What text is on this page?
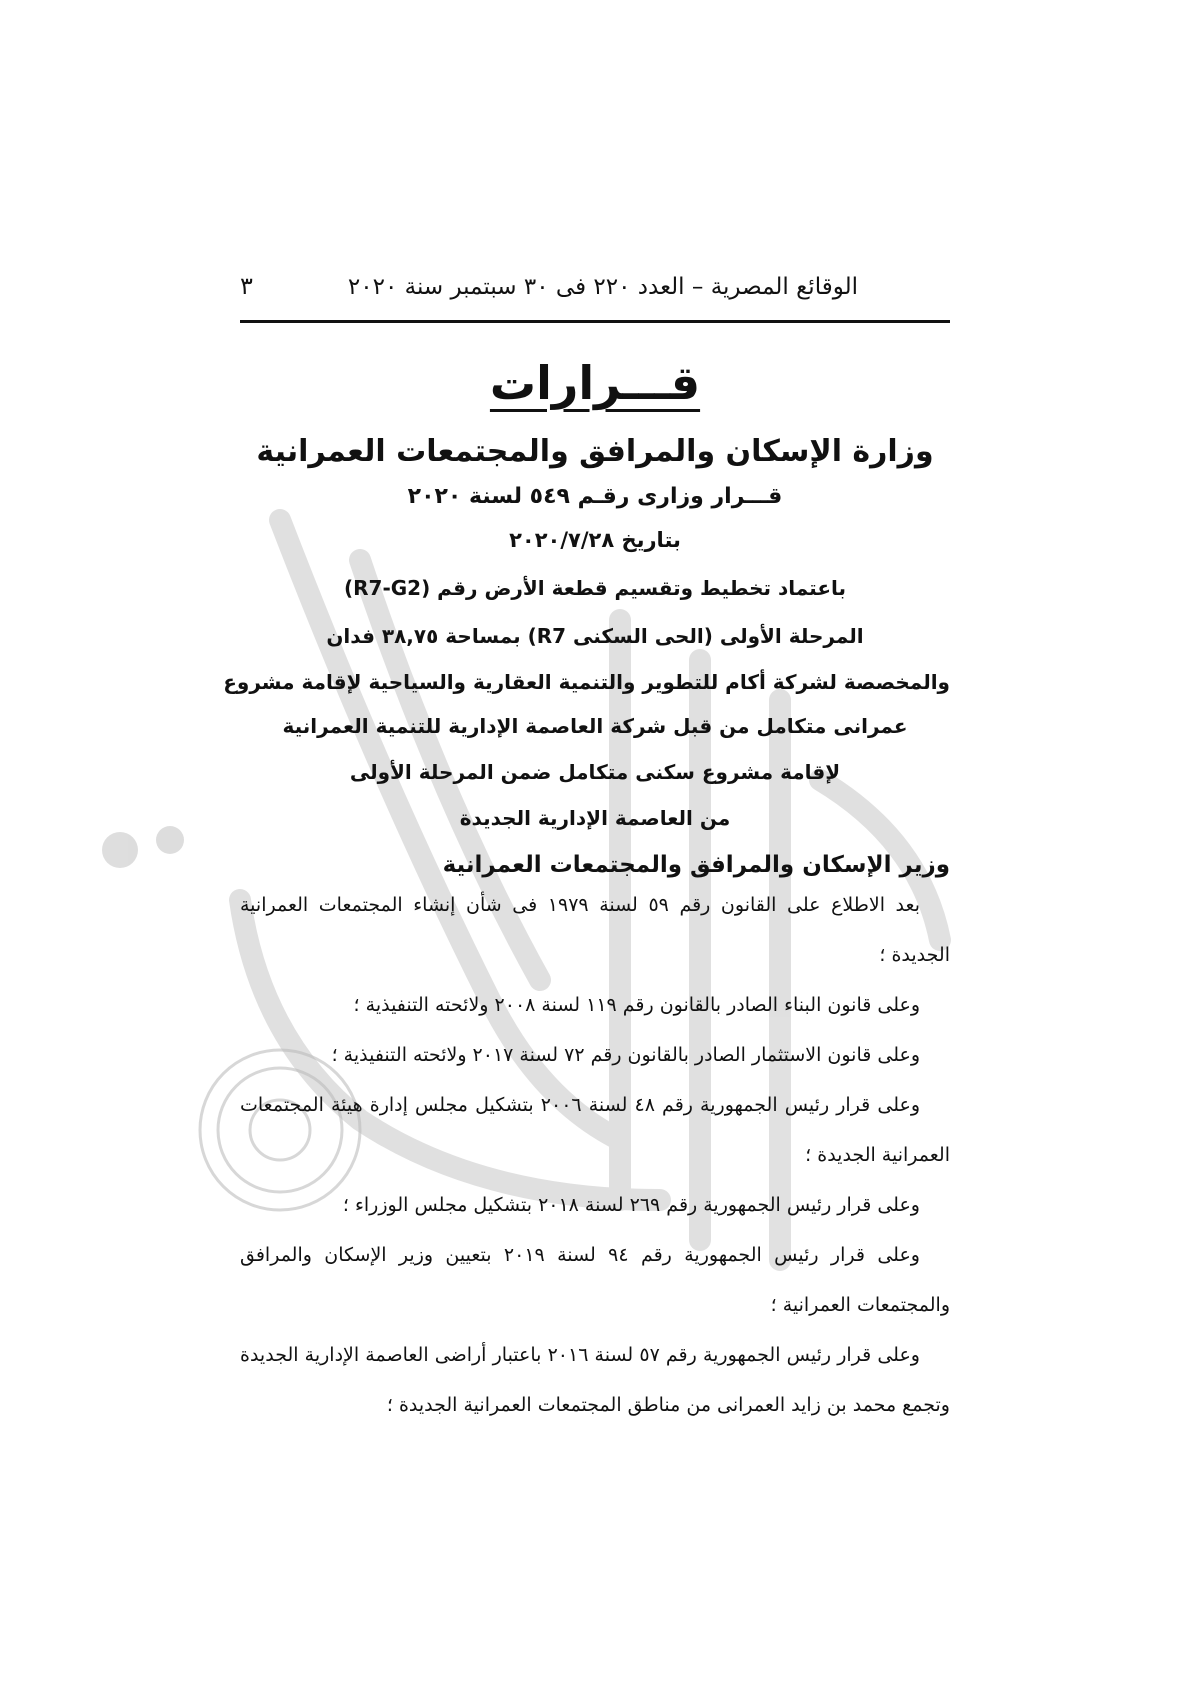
الوقائع المصرية – العدد ٢٢٠ فى ٣٠ سبتمبر سنة ٢٠٢٠
٣
قـــرارات
وزارة الإسكان والمرافق والمجتمعات العمرانية
قـــرار وزارى رقـم ٥٤٩ لسنة ٢٠٢٠
بتاريخ ٢٠٢٠/٧/٢٨
باعتماد تخطيط وتقسيم قطعة الأرض رقم (R7-G2)
المرحلة الأولى (الحى السكنى R7) بمساحة ٣٨,٧٥ فدان
والمخصصة لشركة أكام للتطوير والتنمية العقارية والسياحية لإقامة مشروع
عمرانى متكامل من قبل شركة العاصمة الإدارية للتنمية العمرانية
لإقامة مشروع سكنى متكامل ضمن المرحلة الأولى
من العاصمة الإدارية الجديدة
وزير الإسكان والمرافق والمجتمعات العمرانية

بعد الاطلاع على القانون رقم ٥٩ لسنة ١٩٧٩ فى شأن إنشاء المجتمعات العمرانية الجديدة ؛

وعلى قانون البناء الصادر بالقانون رقم ١١٩ لسنة ٢٠٠٨ ولائحته التنفيذية ؛

وعلى قانون الاستثمار الصادر بالقانون رقم ٧٢ لسنة ٢٠١٧ ولائحته التنفيذية ؛

وعلى قرار رئيس الجمهورية رقم ٤٨ لسنة ٢٠٠٦ بتشكيل مجلس إدارة هيئة المجتمعات العمرانية الجديدة ؛

وعلى قرار رئيس الجمهورية رقم ٢٦٩ لسنة ٢٠١٨ بتشكيل مجلس الوزراء ؛

وعلى قرار رئيس الجمهورية رقم ٩٤ لسنة ٢٠١٩ بتعيين وزير الإسكان والمرافق والمجتمعات العمرانية ؛

وعلى قرار رئيس الجمهورية رقم ٥٧ لسنة ٢٠١٦ باعتبار أراضى العاصمة الإدارية الجديدة وتجمع محمد بن زايد العمرانى من مناطق المجتمعات العمرانية الجديدة ؛
